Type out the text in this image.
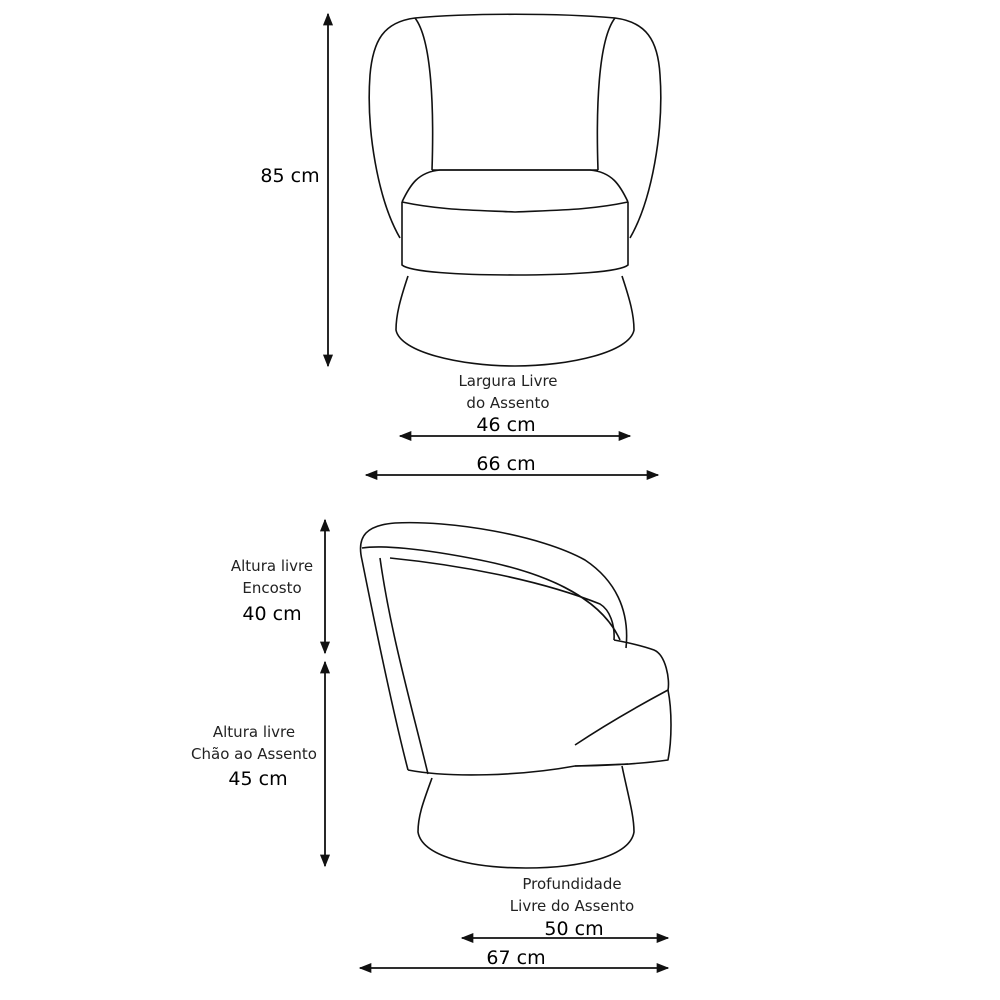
85 cm
Largura Livre
do Assento
46 cm
66 cm
Altura livre
Encosto
40 cm
Altura livre
Chão ao Assento
45 cm
Profundidade
Livre do Assento
50 cm
67 cm
